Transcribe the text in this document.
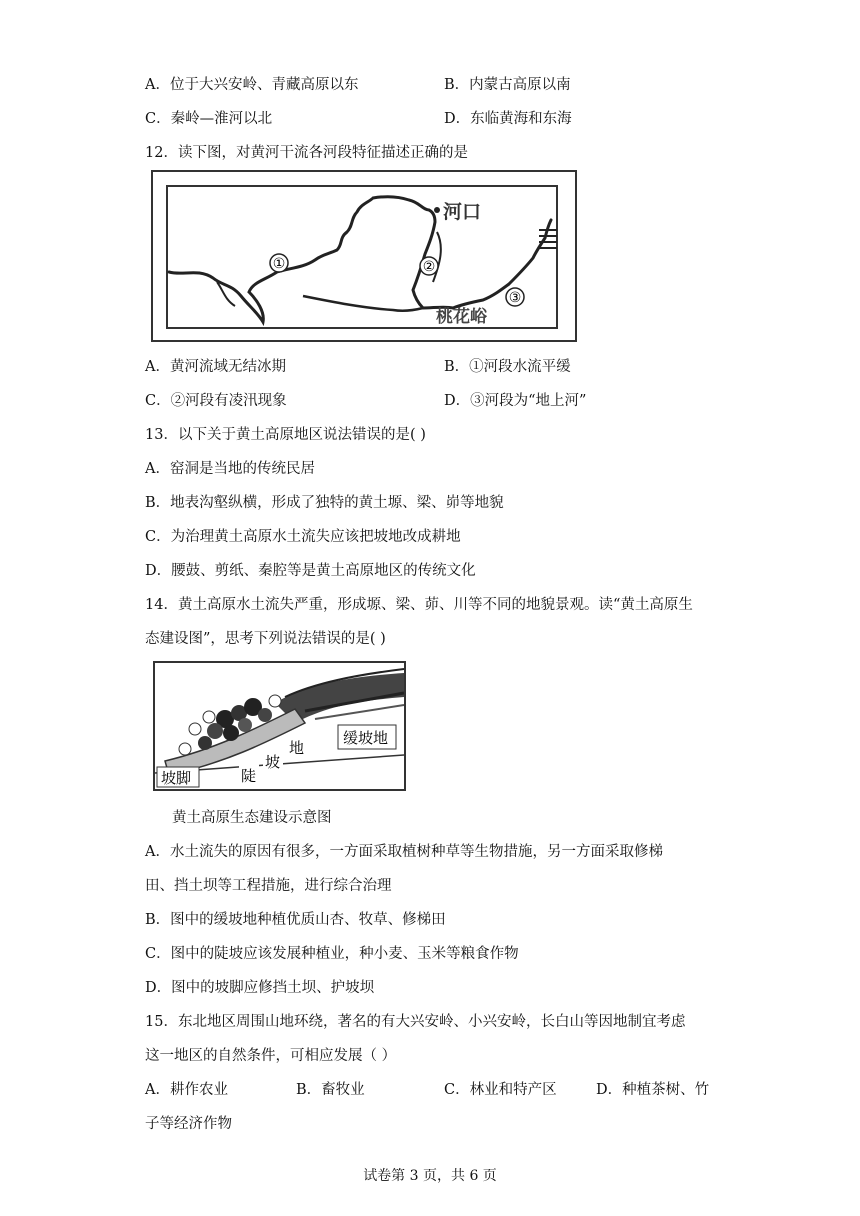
A．位于大兴安岭、青藏高原以东	B．内蒙古高原以南
C．秦岭—淮河以北	D．东临黄海和东海
12．读下图，对黄河干流各河段特征描述正确的是
①	②
③
河口
桃花峪
A．黄河流域无结冰期	B．①河段水流平缓
C．②河段有凌汛现象	D．③河段为“地上河”
13．以下关于黄土高原地区说法错误的是( )
A．窑洞是当地的传统民居
B．地表沟壑纵横，形成了独特的黄土塬、梁、峁等地貌
C．为治理黄土高原水土流失应该把坡地改成耕地
D．腰鼓、剪纸、秦腔等是黄土高原地区的传统文化
14．黄土高原水土流失严重，形成塬、梁、茆、川等不同的地貌景观。读“黄土高原生
态建设图”，思考下列说法错误的是( )
缓坡地
地
坡
陡
坡脚
黄土高原生态建设示意图
A．水土流失的原因有很多，一方面采取植树种草等生物措施，另一方面采取修梯
田、挡土坝等工程措施，进行综合治理
B．图中的缓坡地种植优质山杏、牧草、修梯田
C．图中的陡坡应该发展种植业，种小麦、玉米等粮食作物
D．图中的坡脚应修挡土坝、护坡坝
15．东北地区周围山地环绕，著名的有大兴安岭、小兴安岭，长白山等因地制宜考虑
这一地区的自然条件，可相应发展（ ）
A．耕作农业	B．畜牧业	C．林业和特产区	D．种植茶树、竹
子等经济作物
试卷第 3 页，共 6 页
